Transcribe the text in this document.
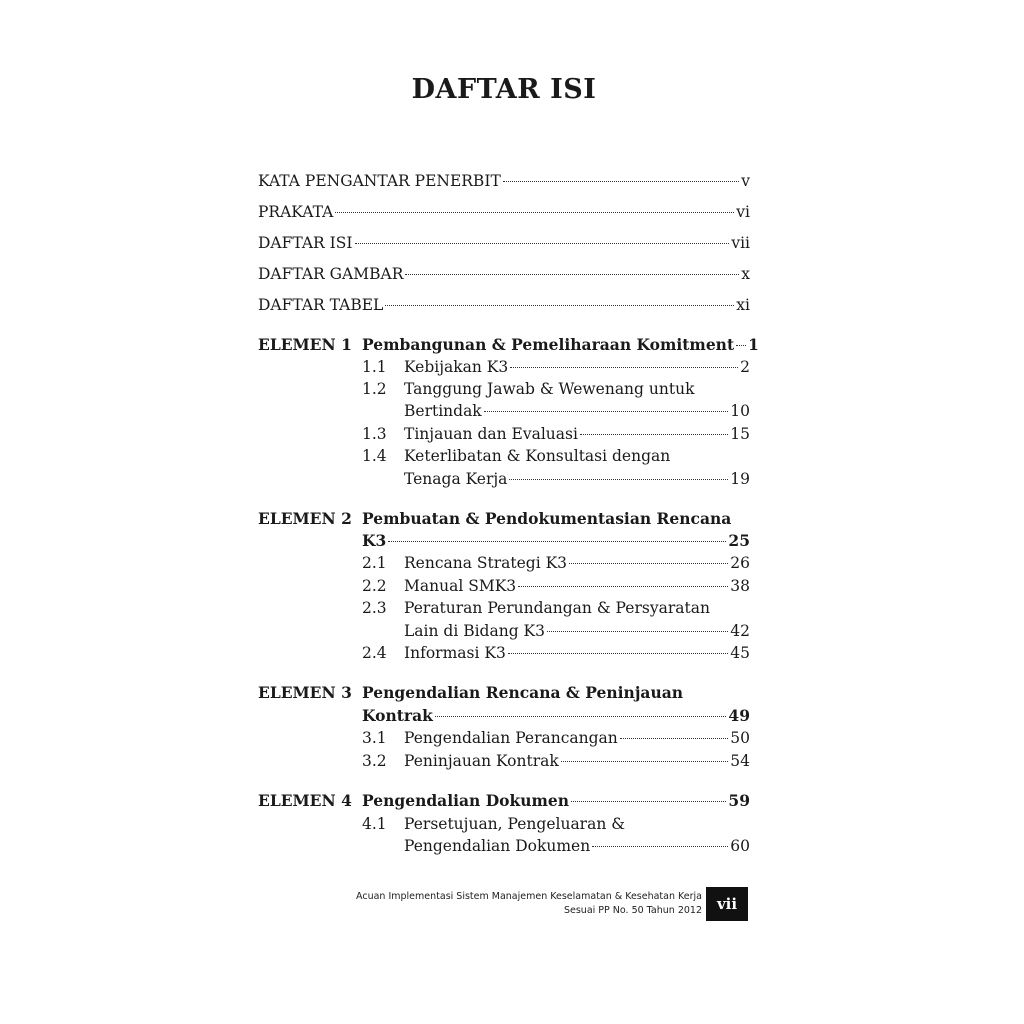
DAFTAR ISI
KATA PENGANTAR PENERBIT	v
PRAKATA	vi
DAFTAR ISI	vii
DAFTAR GAMBAR	x
DAFTAR TABEL	xi
ELEMEN 1 Pembangunan & Pemeliharaan Komitment 1
1.1 Kebijakan K3	2
1.2 Tanggung Jawab & Wewenang untuk
Bertindak	10
1.3 Tinjauan dan Evaluasi	15
1.4 Keterlibatan & Konsultasi dengan
Tenaga Kerja	19
ELEMEN 2 Pembuatan & Pendokumentasian Rencana
K3	25
2.1 Rencana Strategi K3	26
2.2 Manual SMK3	38
2.3 Peraturan Perundangan & Persyaratan
Lain di Bidang K3	42
2.4 Informasi K3	45
ELEMEN 3 Pengendalian Rencana & Peninjauan
Kontrak	49
3.1 Pengendalian Perancangan	50
3.2 Peninjauan Kontrak	54
ELEMEN 4 Pengendalian Dokumen	59
4.1 Persetujuan, Pengeluaran &
Pengendalian Dokumen	60
Acuan Implementasi Sistem Manajemen Keselamatan & Kesehatan Kerja
Sesuai PP No. 50 Tahun 2012 vii
